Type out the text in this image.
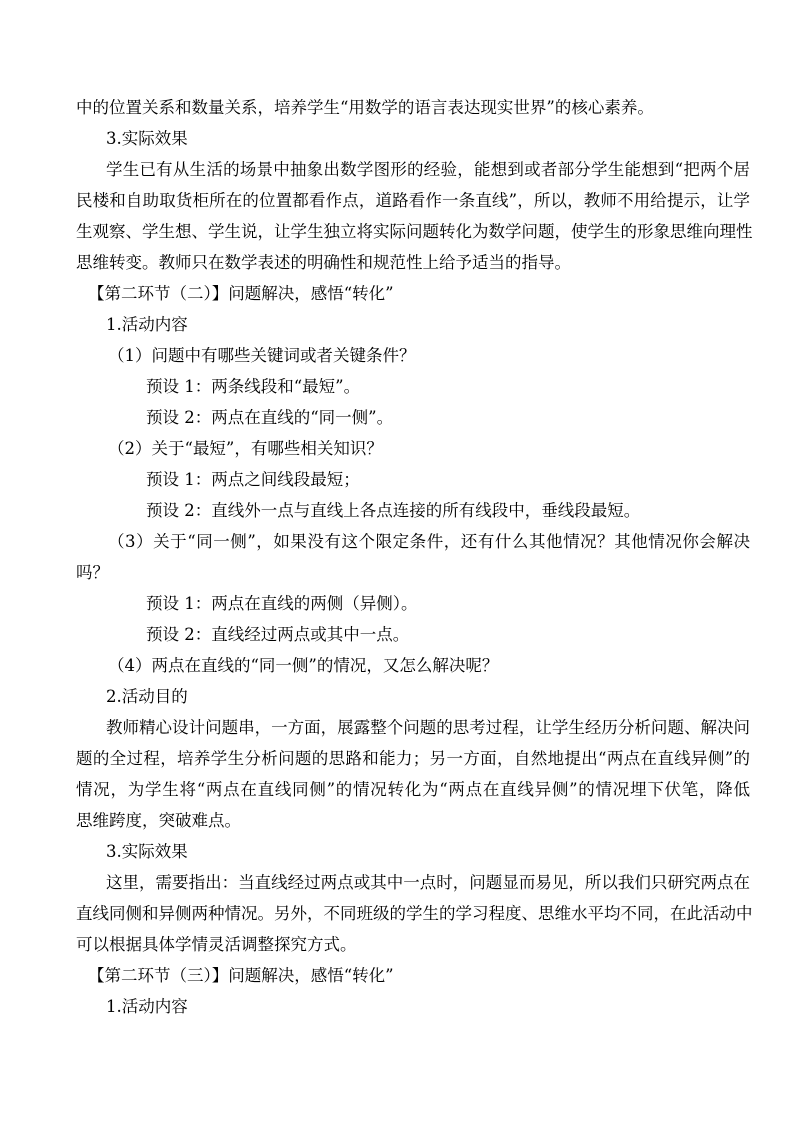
中的位置关系和数量关系，培养学生“用数学的语言表达现实世界”的核心素养。
3.实际效果
学生已有从生活的场景中抽象出数学图形的经验，能想到或者部分学生能想到“把两个居
民楼和自助取货柜所在的位置都看作点，道路看作一条直线”，所以，教师不用给提示，让学
生观察、学生想、学生说，让学生独立将实际问题转化为数学问题，使学生的形象思维向理性
思维转变。教师只在数学表述的明确性和规范性上给予适当的指导。
【第二环节（二）】问题解决，感悟“转化”
1.活动内容
（1）问题中有哪些关键词或者关键条件？
预设 1：两条线段和“最短”。
预设 2：两点在直线的“同一侧”。
（2）关于“最短”，有哪些相关知识？
预设 1：两点之间线段最短；
预设 2：直线外一点与直线上各点连接的所有线段中，垂线段最短。
（3）关于“同一侧”，如果没有这个限定条件，还有什么其他情况？其他情况你会解决
吗？
预设 1：两点在直线的两侧（异侧）。
预设 2：直线经过两点或其中一点。
（4）两点在直线的“同一侧”的情况，又怎么解决呢？
2.活动目的
教师精心设计问题串，一方面，展露整个问题的思考过程，让学生经历分析问题、解决问
题的全过程，培养学生分析问题的思路和能力；另一方面，自然地提出“两点在直线异侧”的
情况，为学生将“两点在直线同侧”的情况转化为“两点在直线异侧”的情况埋下伏笔，降低
思维跨度，突破难点。
3.实际效果
这里，需要指出：当直线经过两点或其中一点时，问题显而易见，所以我们只研究两点在
直线同侧和异侧两种情况。另外，不同班级的学生的学习程度、思维水平均不同，在此活动中
可以根据具体学情灵活调整探究方式。
【第二环节（三）】问题解决，感悟“转化”
1.活动内容
